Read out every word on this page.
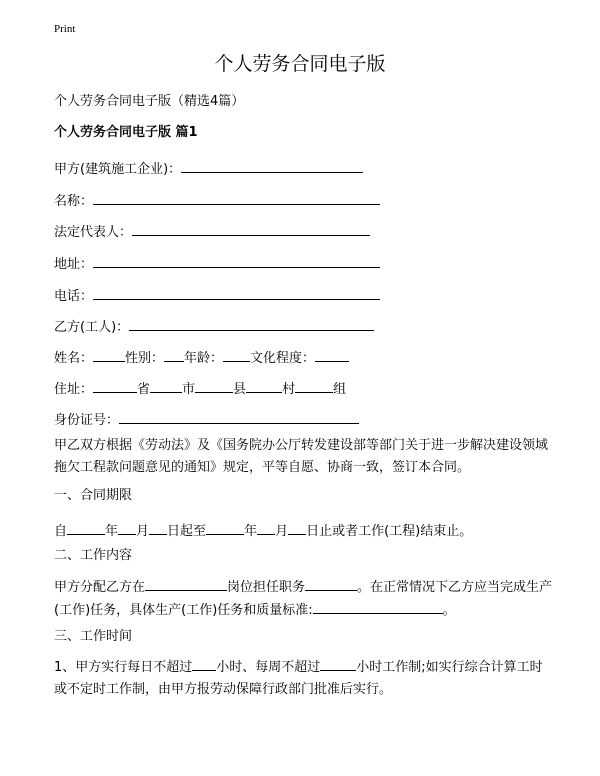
Print
个人劳务合同电子版
个人劳务合同电子版（精选4篇）
个人劳务合同电子版 篇1
甲方(建筑施工企业)：
名称：
法定代表人：
地址：
电话：
乙方(工人)：
姓名： 性别： 年龄： 文化程度：
住址：	省 市	县	村	组
身份证号：
甲乙双方根据《劳动法》及《国务院办公厅转发建设部等部门关于进一步解决建设领域拖欠工程款问题意见的通知》规定，平等自愿、协商一致，签订本合同。
一、合同期限
自	年 月 日起至	年 月 日止或者工作(工程)结束止。
二、工作内容
甲方分配乙方在	岗位担任职务	。在正常情况下乙方应当完成生产(工作)任务，具体生产(工作)任务和质量标准:	。
三、工作时间
1、甲方实行每日不超过 小时、每周不超过	小时工作制;如实行综合计算工时或不定时工作制，由甲方报劳动保障行政部门批准后实行。
